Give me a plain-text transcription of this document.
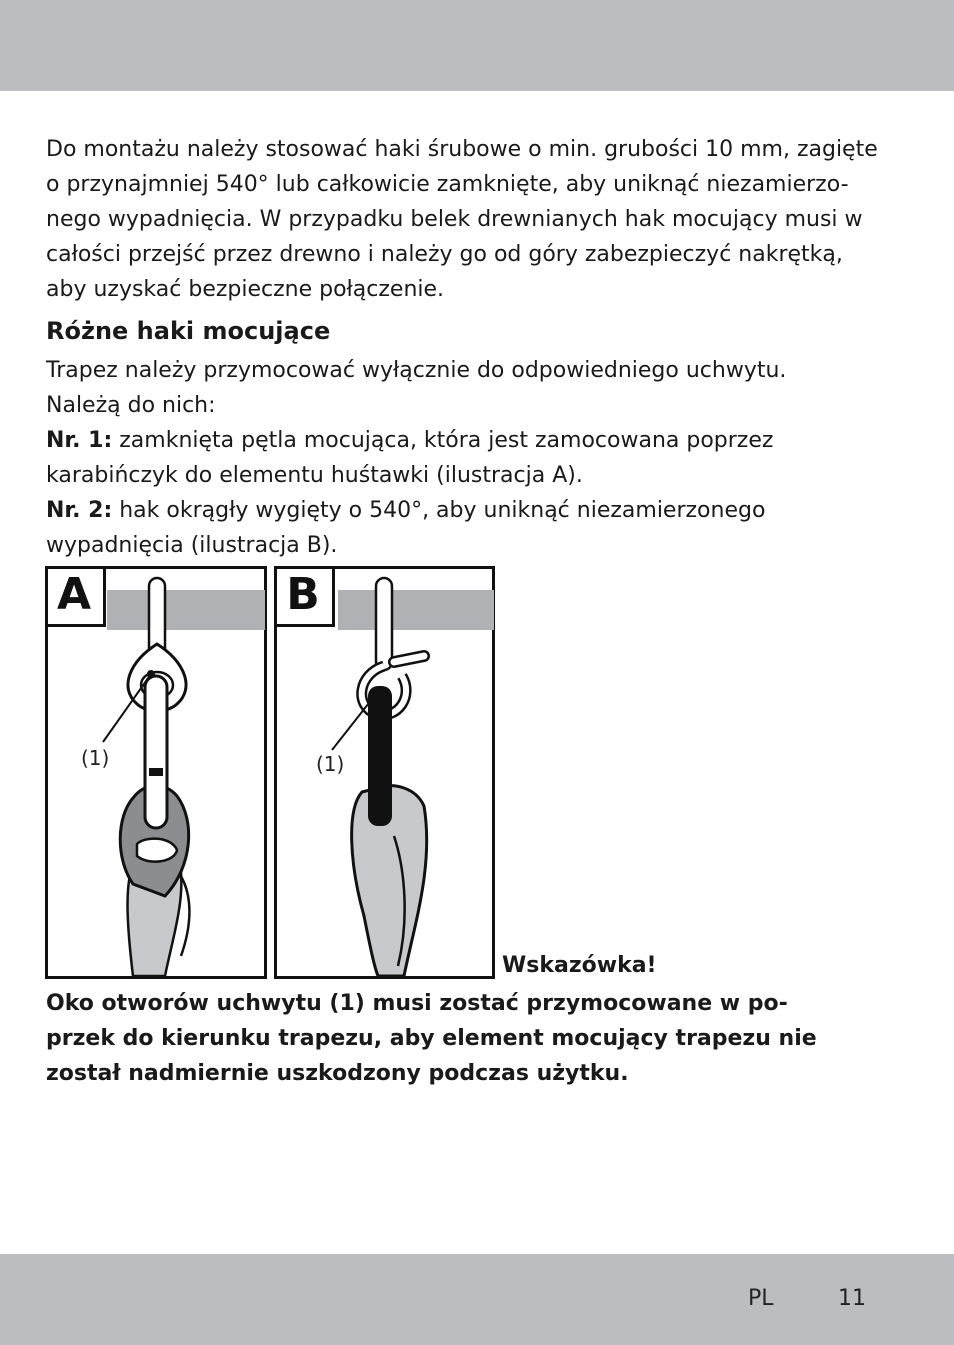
Do montażu należy stosować haki śrubowe o min. grubości 10 mm, zagięte
o przynajmniej 540° lub całkowicie zamknięte, aby uniknąć niezamierzo-
nego wypadnięcia. W przypadku belek drewnianych hak mocujący musi w
całości przejść przez drewno i należy go od góry zabezpieczyć nakrętką,
aby uzyskać bezpieczne połączenie.
Różne haki mocujące
Trapez należy przymocować wyłącznie do odpowiedniego uchwytu.
Należą do nich:
Nr. 1: zamknięta pętla mocująca, która jest zamocowana poprzez
karabińczyk do elementu huśtawki (ilustracja A).
Nr. 2: hak okrągły wygięty o 540°, aby uniknąć niezamierzonego
wypadnięcia (ilustracja B).
A
(1)
B
(1)
Wskazówka!
Oko otworów uchwytu (1) musi zostać przymocowane w po-
przek do kierunku trapezu, aby element mocujący trapezu nie
został nadmiernie uszkodzony podczas użytku.
PL	11
